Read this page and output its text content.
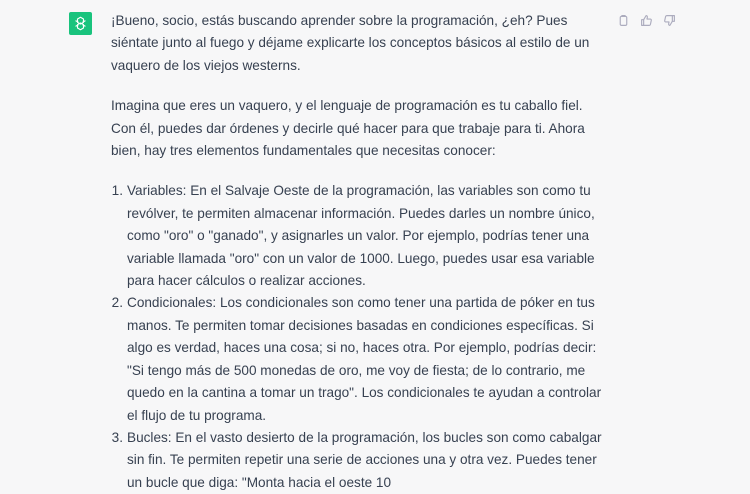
¡Bueno, socio, estás buscando aprender sobre la programación, ¿eh? Pues siéntate junto al fuego y déjame explicarte los conceptos básicos al estilo de un vaquero de los viejos westerns.

Imagina que eres un vaquero, y el lenguaje de programación es tu caballo fiel. Con él, puedes dar órdenes y decirle qué hacer para que trabaje para ti. Ahora bien, hay tres elementos fundamentales que necesitas conocer:

1. Variables: En el Salvaje Oeste de la programación, las variables son como tu revólver, te permiten almacenar información. Puedes darles un nombre único, como "oro" o "ganado", y asignarles un valor. Por ejemplo, podrías tener una variable llamada "oro" con un valor de 1000. Luego, puedes usar esa variable para hacer cálculos o realizar acciones.
2. Condicionales: Los condicionales son como tener una partida de póker en tus manos. Te permiten tomar decisiones basadas en condiciones específicas. Si algo es verdad, haces una cosa; si no, haces otra. Por ejemplo, podrías decir: "Si tengo más de 500 monedas de oro, me voy de fiesta; de lo contrario, me quedo en la cantina a tomar un trago". Los condicionales te ayudan a controlar el flujo de tu programa.
3. Bucles: En el vasto desierto de la programación, los bucles son como cabalgar sin fin. Te permiten repetir una serie de acciones una y otra vez. Puedes tener un bucle que diga: "Monta hacia el oeste 10
